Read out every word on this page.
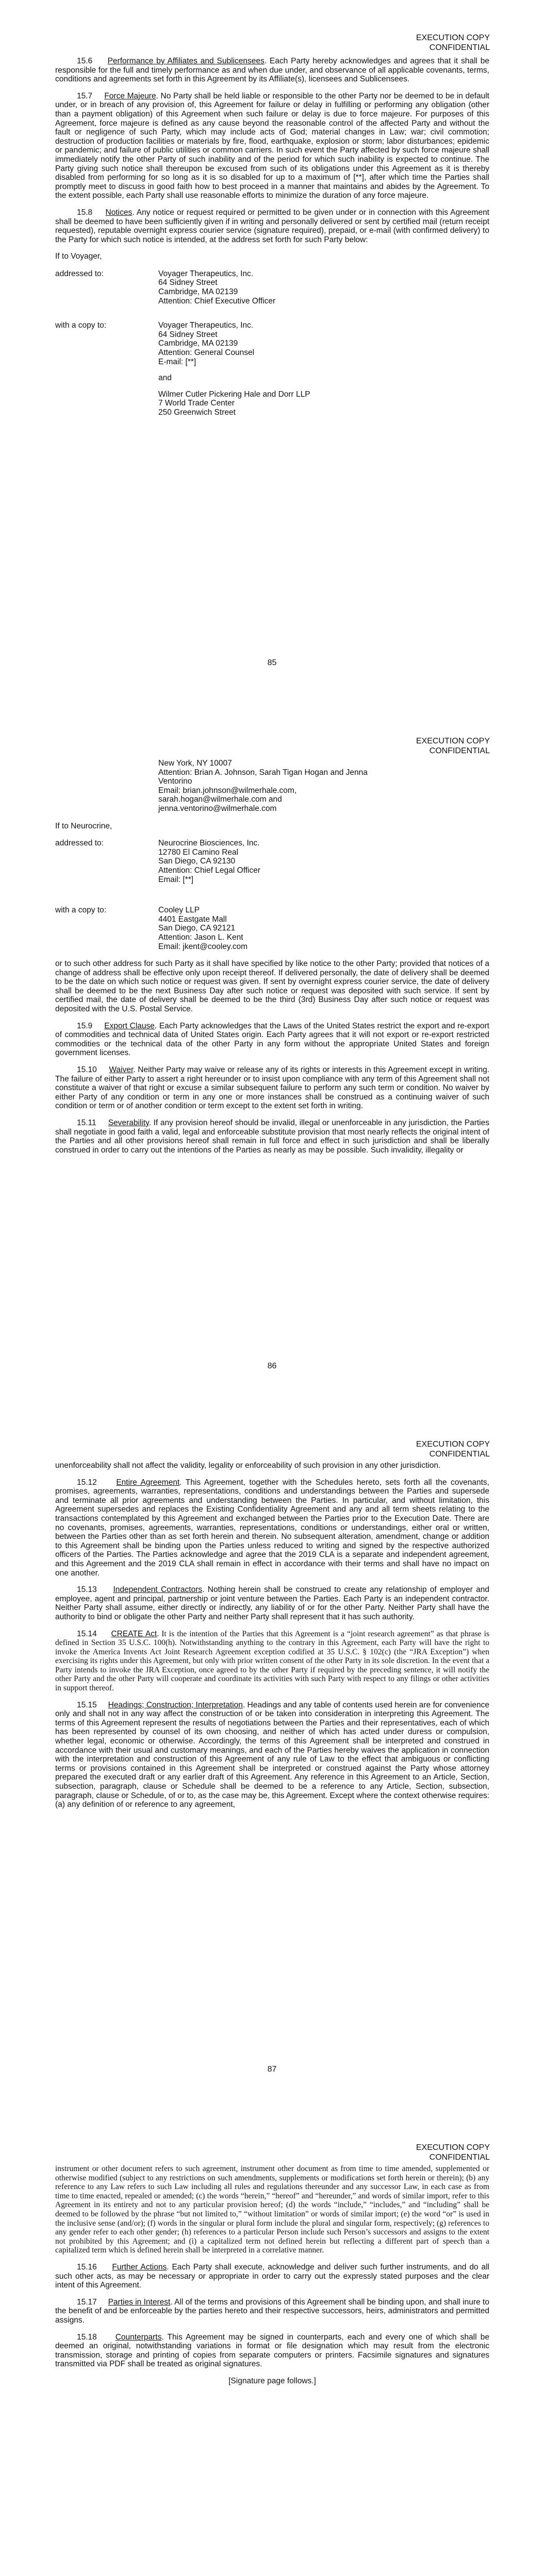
EXECUTION COPY
CONFIDENTIAL

15.6 Performance by Affiliates and Sublicensees. Each Party hereby acknowledges and agrees that it shall be responsible for the full and timely performance as and when due under, and observance of all applicable covenants, terms, conditions and agreements set forth in this Agreement by its Affiliate(s), licensees and Sublicensees.

15.7 Force Majeure. No Party shall be held liable or responsible to the other Party nor be deemed to be in default under, or in breach of any provision of, this Agreement for failure or delay in fulfilling or performing any obligation (other than a payment obligation) of this Agreement when such failure or delay is due to force majeure. For purposes of this Agreement, force majeure is defined as any cause beyond the reasonable control of the affected Party and without the fault or negligence of such Party, which may include acts of God; material changes in Law; war; civil commotion; destruction of production facilities or materials by fire, flood, earthquake, explosion or storm; labor disturbances; epidemic or pandemic; and failure of public utilities or common carriers. In such event the Party affected by such force majeure shall immediately notify the other Party of such inability and of the period for which such inability is expected to continue. The Party giving such notice shall thereupon be excused from such of its obligations under this Agreement as it is thereby disabled from performing for so long as it is so disabled for up to a maximum of [**], after which time the Parties shall promptly meet to discuss in good faith how to best proceed in a manner that maintains and abides by the Agreement. To the extent possible, each Party shall use reasonable efforts to minimize the duration of any force majeure.

15.8 Notices. Any notice or request required or permitted to be given under or in connection with this Agreement shall be deemed to have been sufficiently given if in writing and personally delivered or sent by certified mail (return receipt requested), reputable overnight express courier service (signature required), prepaid, or e-mail (with confirmed delivery) to the Party for which such notice is intended, at the address set forth for such Party below:

If to Voyager,
addressed to:	Voyager Therapeutics, Inc.
64 Sidney Street
Cambridge, MA 02139
Attention: Chief Executive Officer
with a copy to:	Voyager Therapeutics, Inc.
64 Sidney Street
Cambridge, MA 02139
Attention: General Counsel
E-mail: [**]
and
Wilmer Cutler Pickering Hale and Dorr LLP
7 World Trade Center
250 Greenwich Street
85
EXECUTION COPY
CONFIDENTIAL
New York, NY 10007
Attention: Brian A. Johnson, Sarah Tigan Hogan and Jenna Ventorino
Email: brian.johnson@wilmerhale.com,
sarah.hogan@wilmerhale.com and
jenna.ventorino@wilmerhale.com
If to Neurocrine,
addressed to:	Neurocrine Biosciences, Inc.
12780 El Camino Real
San Diego, CA 92130
Attention: Chief Legal Officer
Email: [**]
with a copy to:	Cooley LLP
4401 Eastgate Mall
San Diego, CA 92121
Attention: Jason L. Kent
Email: jkent@cooley.com

or to such other address for such Party as it shall have specified by like notice to the other Party; provided that notices of a change of address shall be effective only upon receipt thereof. If delivered personally, the date of delivery shall be deemed to be the date on which such notice or request was given. If sent by overnight express courier service, the date of delivery shall be deemed to be the next Business Day after such notice or request was deposited with such service. If sent by certified mail, the date of delivery shall be deemed to be the third (3rd) Business Day after such notice or request was deposited with the U.S. Postal Service.

15.9 Export Clause. Each Party acknowledges that the Laws of the United States restrict the export and re-export of commodities and technical data of United States origin. Each Party agrees that it will not export or re-export restricted commodities or the technical data of the other Party in any form without the appropriate United States and foreign government licenses.

15.10 Waiver. Neither Party may waive or release any of its rights or interests in this Agreement except in writing. The failure of either Party to assert a right hereunder or to insist upon compliance with any term of this Agreement shall not constitute a waiver of that right or excuse a similar subsequent failure to perform any such term or condition. No waiver by either Party of any condition or term in any one or more instances shall be construed as a continuing waiver of such condition or term or of another condition or term except to the extent set forth in writing.

15.11 Severability. If any provision hereof should be invalid, illegal or unenforceable in any jurisdiction, the Parties shall negotiate in good faith a valid, legal and enforceable substitute provision that most nearly reflects the original intent of the Parties and all other provisions hereof shall remain in full force and effect in such jurisdiction and shall be liberally construed in order to carry out the intentions of the Parties as nearly as may be possible. Such invalidity, illegality or

86
EXECUTION COPY
CONFIDENTIAL

unenforceability shall not affect the validity, legality or enforceability of such provision in any other jurisdiction.

15.12 Entire Agreement. This Agreement, together with the Schedules hereto, sets forth all the covenants, promises, agreements, warranties, representations, conditions and understandings between the Parties and supersede and terminate all prior agreements and understanding between the Parties. In particular, and without limitation, this Agreement supersedes and replaces the Existing Confidentiality Agreement and any and all term sheets relating to the transactions contemplated by this Agreement and exchanged between the Parties prior to the Execution Date. There are no covenants, promises, agreements, warranties, representations, conditions or understandings, either oral or written, between the Parties other than as set forth herein and therein. No subsequent alteration, amendment, change or addition to this Agreement shall be binding upon the Parties unless reduced to writing and signed by the respective authorized officers of the Parties. The Parties acknowledge and agree that the 2019 CLA is a separate and independent agreement, and this Agreement and the 2019 CLA shall remain in effect in accordance with their terms and shall have no impact on one another.

15.13 Independent Contractors. Nothing herein shall be construed to create any relationship of employer and employee, agent and principal, partnership or joint venture between the Parties. Each Party is an independent contractor. Neither Party shall assume, either directly or indirectly, any liability of or for the other Party. Neither Party shall have the authority to bind or obligate the other Party and neither Party shall represent that it has such authority.

15.14 CREATE Act. It is the intention of the Parties that this Agreement is a “joint research agreement” as that phrase is defined in Section 35 U.S.C. 100(h). Notwithstanding anything to the contrary in this Agreement, each Party will have the right to invoke the America Invents Act Joint Research Agreement exception codified at 35 U.S.C. § 102(c) (the “JRA Exception”) when exercising its rights under this Agreement, but only with prior written consent of the other Party in its sole discretion. In the event that a Party intends to invoke the JRA Exception, once agreed to by the other Party if required by the preceding sentence, it will notify the other Party and the other Party will cooperate and coordinate its activities with such Party with respect to any filings or other activities in support thereof.

15.15 Headings; Construction; Interpretation. Headings and any table of contents used herein are for convenience only and shall not in any way affect the construction of or be taken into consideration in interpreting this Agreement. The terms of this Agreement represent the results of negotiations between the Parties and their representatives, each of which has been represented by counsel of its own choosing, and neither of which has acted under duress or compulsion, whether legal, economic or otherwise. Accordingly, the terms of this Agreement shall be interpreted and construed in accordance with their usual and customary meanings, and each of the Parties hereby waives the application in connection with the interpretation and construction of this Agreement of any rule of Law to the effect that ambiguous or conflicting terms or provisions contained in this Agreement shall be interpreted or construed against the Party whose attorney prepared the executed draft or any earlier draft of this Agreement. Any reference in this Agreement to an Article, Section, subsection, paragraph, clause or Schedule shall be deemed to be a reference to any Article, Section, subsection, paragraph, clause or Schedule, of or to, as the case may be, this Agreement. Except where the context otherwise requires: (a) any definition of or reference to any agreement,

87
EXECUTION COPY
CONFIDENTIAL

instrument or other document refers to such agreement, instrument other document as from time to time amended, supplemented or otherwise modified (subject to any restrictions on such amendments, supplements or modifications set forth herein or therein); (b) any reference to any Law refers to such Law including all rules and regulations thereunder and any successor Law, in each case as from time to time enacted, repealed or amended; (c) the words “herein,” “hereof” and “hereunder,” and words of similar import, refer to this Agreement in its entirety and not to any particular provision hereof; (d) the words “include,” “includes,” and “including” shall be deemed to be followed by the phrase “but not limited to,” “without limitation” or words of similar import; (e) the word “or” is used in the inclusive sense (and/or); (f) words in the singular or plural form include the plural and singular form, respectively; (g) references to any gender refer to each other gender; (h) references to a particular Person include such Person’s successors and assigns to the extent not prohibited by this Agreement; and (i) a capitalized term not defined herein but reflecting a different part of speech than a capitalized term which is defined herein shall be interpreted in a correlative manner.

15.16 Further Actions. Each Party shall execute, acknowledge and deliver such further instruments, and do all such other acts, as may be necessary or appropriate in order to carry out the expressly stated purposes and the clear intent of this Agreement.

15.17 Parties in Interest. All of the terms and provisions of this Agreement shall be binding upon, and shall inure to the benefit of and be enforceable by the parties hereto and their respective successors, heirs, administrators and permitted assigns.

15.18 Counterparts. This Agreement may be signed in counterparts, each and every one of which shall be deemed an original, notwithstanding variations in format or file designation which may result from the electronic transmission, storage and printing of copies from separate computers or printers. Facsimile signatures and signatures transmitted via PDF shall be treated as original signatures.

[Signature page follows.]
